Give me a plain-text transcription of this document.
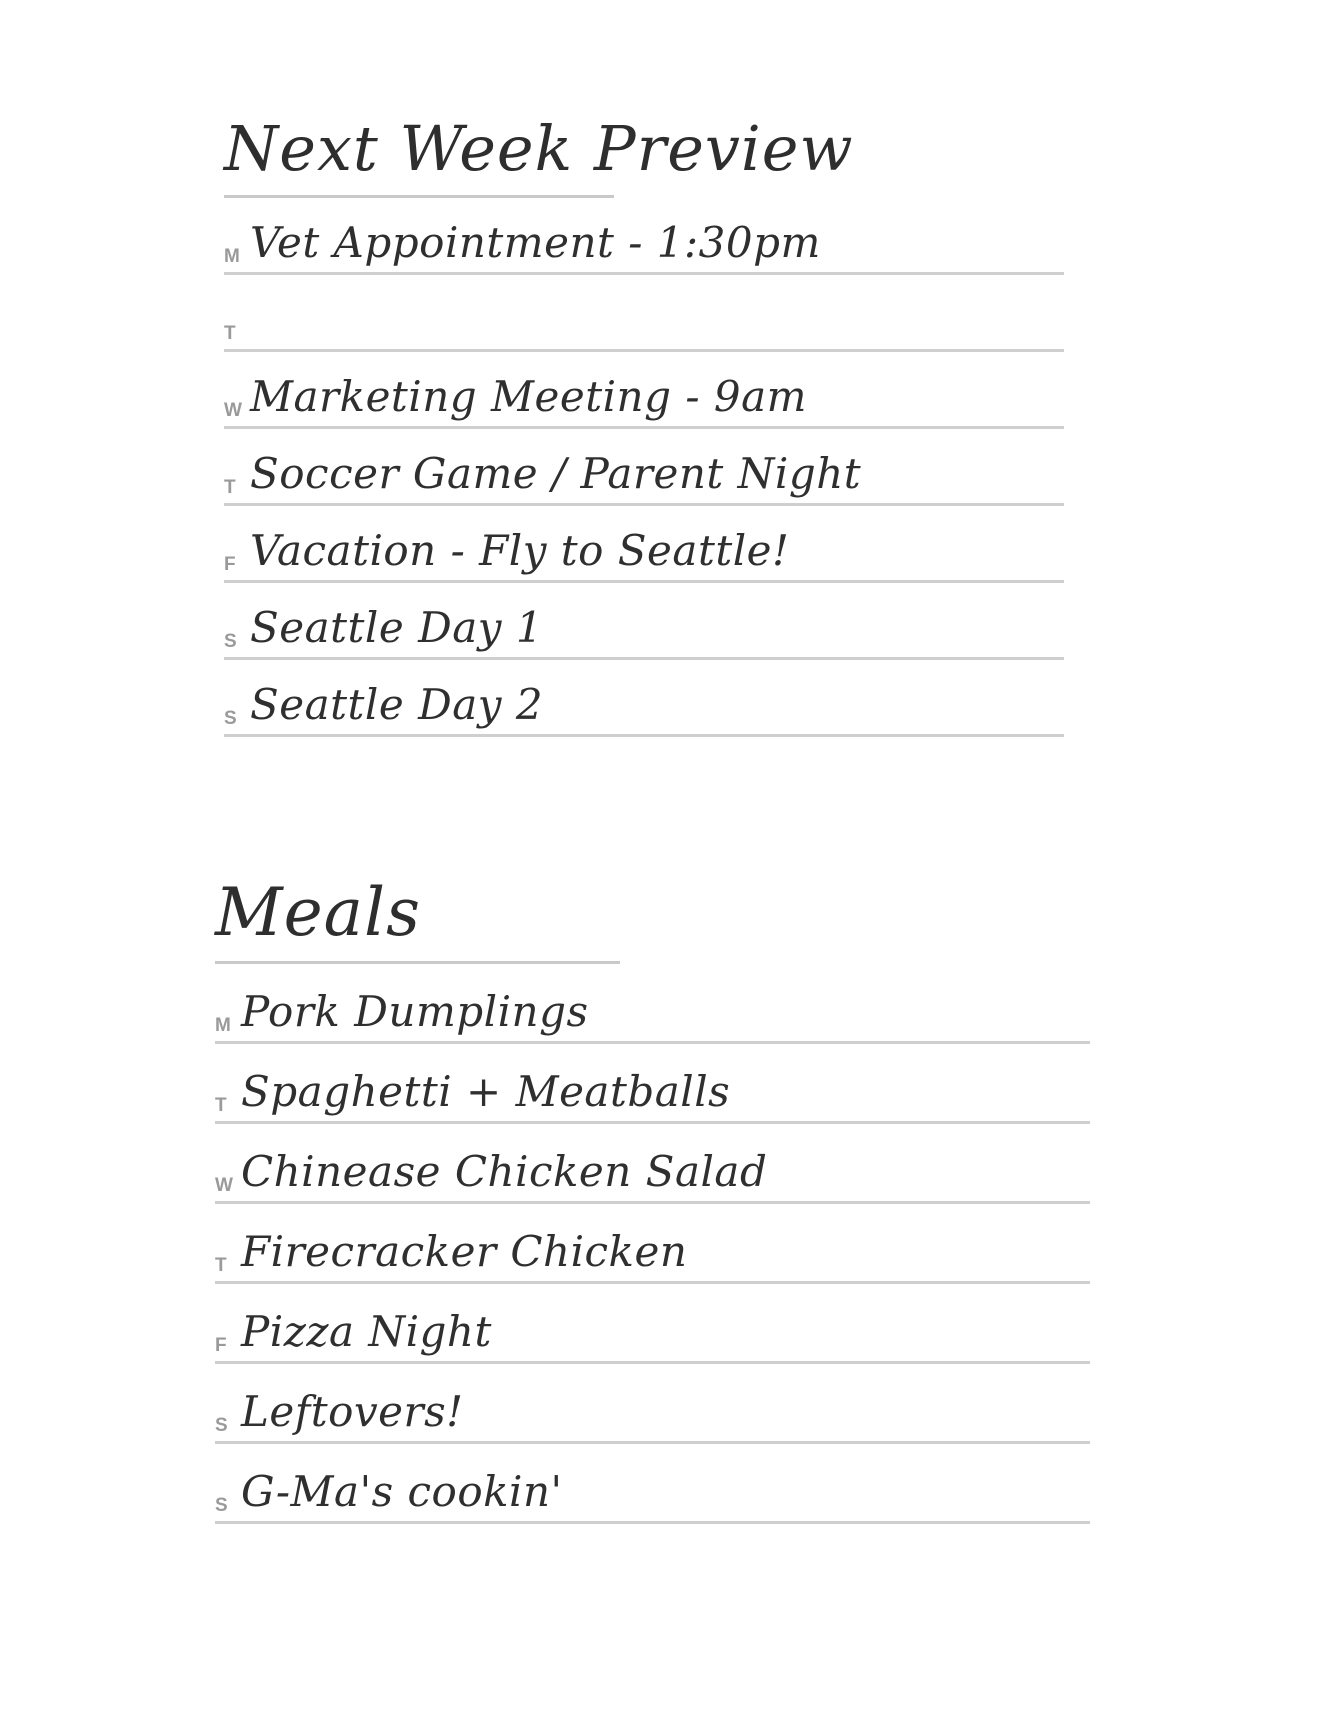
Next Week Preview
M Vet Appointment - 1:30pm
T
W Marketing Meeting - 9am
T Soccer Game / Parent Night
F Vacation - Fly to Seattle!
S Seattle Day 1
S Seattle Day 2
Meals
M Pork Dumplings
T Spaghetti + Meatballs
W Chinease Chicken Salad
T Firecracker Chicken
F Pizza Night
S Leftovers!
S G-Ma's cookin'
